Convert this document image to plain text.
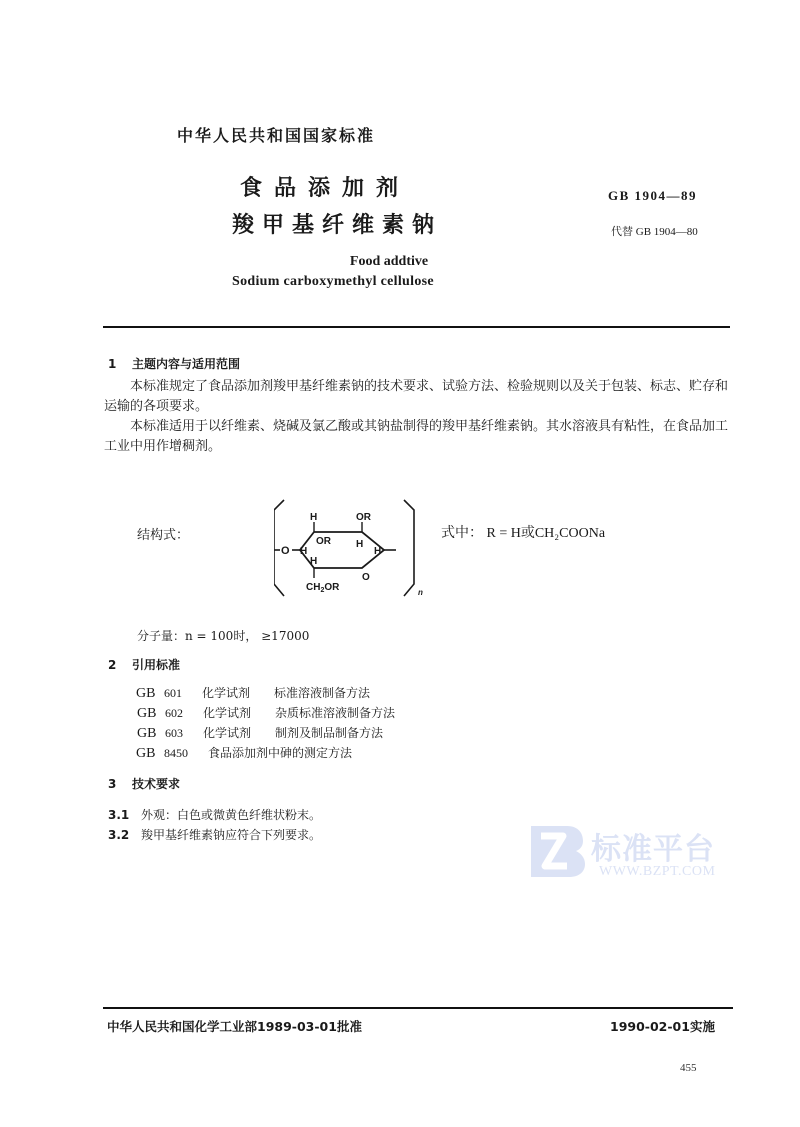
中华人民共和国国家标准
食品添加剂
羧甲基纤维素钠
Food addtive
Sodium carboxymethyl cellulose
GB 1904—89
代替 GB 1904—80
1 主题内容与适用范围
本标准规定了食品添加剂羧甲基纤维素钠的技术要求、试验方法、检验规则以及关于包装、标志、贮存和运输的各项要求。
本标准适用于以纤维素、烧碱及氯乙酸或其钠盐制得的羧甲基纤维素钠。其水溶液具有粘性，在食品加工工业中用作增稠剂。
结构式：
H	OR
OR	H
H
H
H
O
O
$CH_2OR$	n
式中： R = H或CH₂COONa
分子量：n = 100时， ≥17000
2 引用标准
GB 601 化学试剂 标准溶液制备方法
GB 602 化学试剂 杂质标准溶液制备方法
GB 603 化学试剂 制剂及制品制备方法
GB 8450 食品添加剂中砷的测定方法
3 技术要求
3.1 外观：白色或微黄色纤维状粉末。
3.2 羧甲基纤维素钠应符合下列要求。	标准平台
WWW.BZPT.COM
中华人民共和国化学工业部1989-03-01批准	1990-02-01实施
455
